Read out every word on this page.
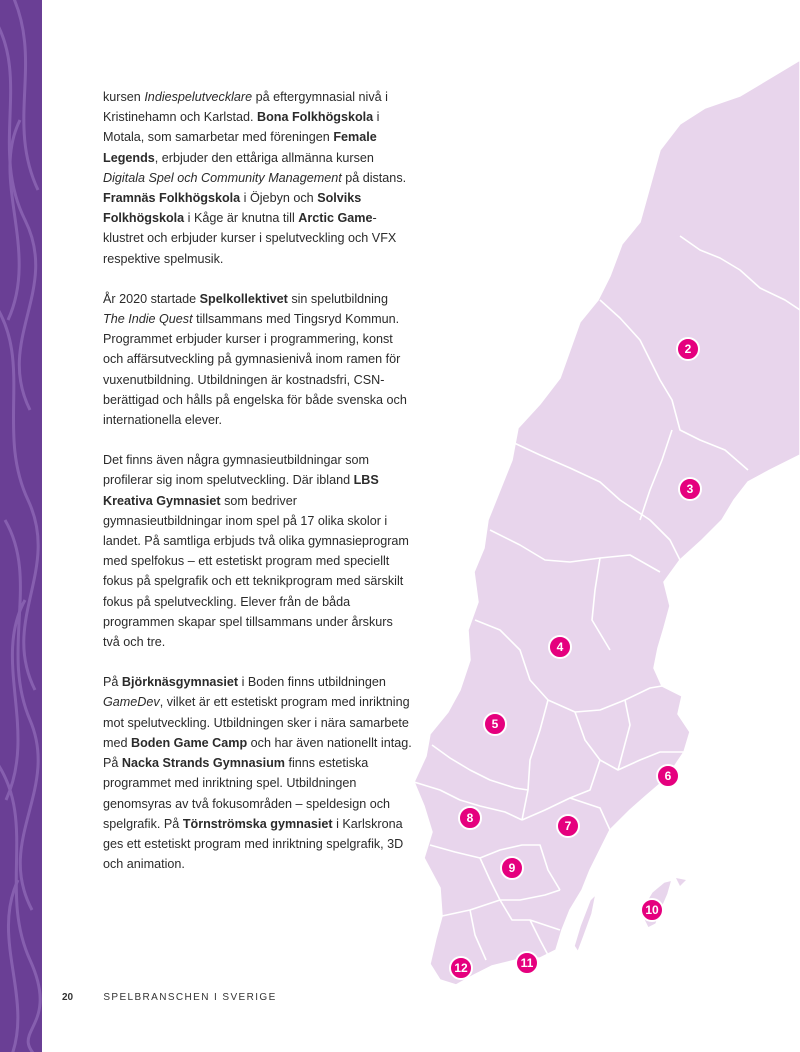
2
3
4
5
6
7
8
9
10
11
12

kursen Indiespelutvecklare på eftergymnasial nivå i Kristinehamn och Karlstad. Bona Folkhögskola i Motala, som samarbetar med föreningen Female Legends, erbjuder den ettåriga allmänna kursen Digitala Spel och Community Management på distans. Framnäs Folkhögskola i Öjebyn och Solviks Folkhögskola i Kåge är knutna till Arctic Game-klustret och erbjuder kurser i spelutveckling och VFX respektive spelmusik.

År 2020 startade Spelkollektivet sin spelutbildning The Indie Quest tillsammans med Tingsryd Kommun. Programmet erbjuder kurser i programmering, konst och affärsutveckling på gymnasienivå inom ramen för vuxenutbildning. Utbildningen är kostnadsfri, CSN-berättigad och hålls på engelska för både svenska och internationella elever.

Det finns även några gymnasieutbildningar som profilerar sig inom spelutveckling. Där ibland LBS Kreativa Gymnasiet som bedriver gymnasieutbildningar inom spel på 17 olika skolor i landet. På samtliga erbjuds två olika gymnasieprogram med spelfokus – ett estetiskt program med speciellt fokus på spelgrafik och ett teknikprogram med särskilt fokus på spelutveckling. Elever från de båda programmen skapar spel tillsammans under årskurs två och tre.

På Björknäsgymnasiet i Boden finns utbildningen GameDev, vilket är ett estetiskt program med inriktning mot spelutveckling. Utbildningen sker i nära samarbete med Boden Game Camp och har även nationellt intag. På Nacka Strands Gymnasium finns estetiska programmet med inriktning spel. Utbildningen genomsyras av två fokusområden – speldesign och spelgrafik. På Törnströmska gymnasiet i Karlskrona ges ett estetiskt program med inriktning spelgrafik, 3D och animation.

20	SPELBRANSCHEN I SVERIGE
